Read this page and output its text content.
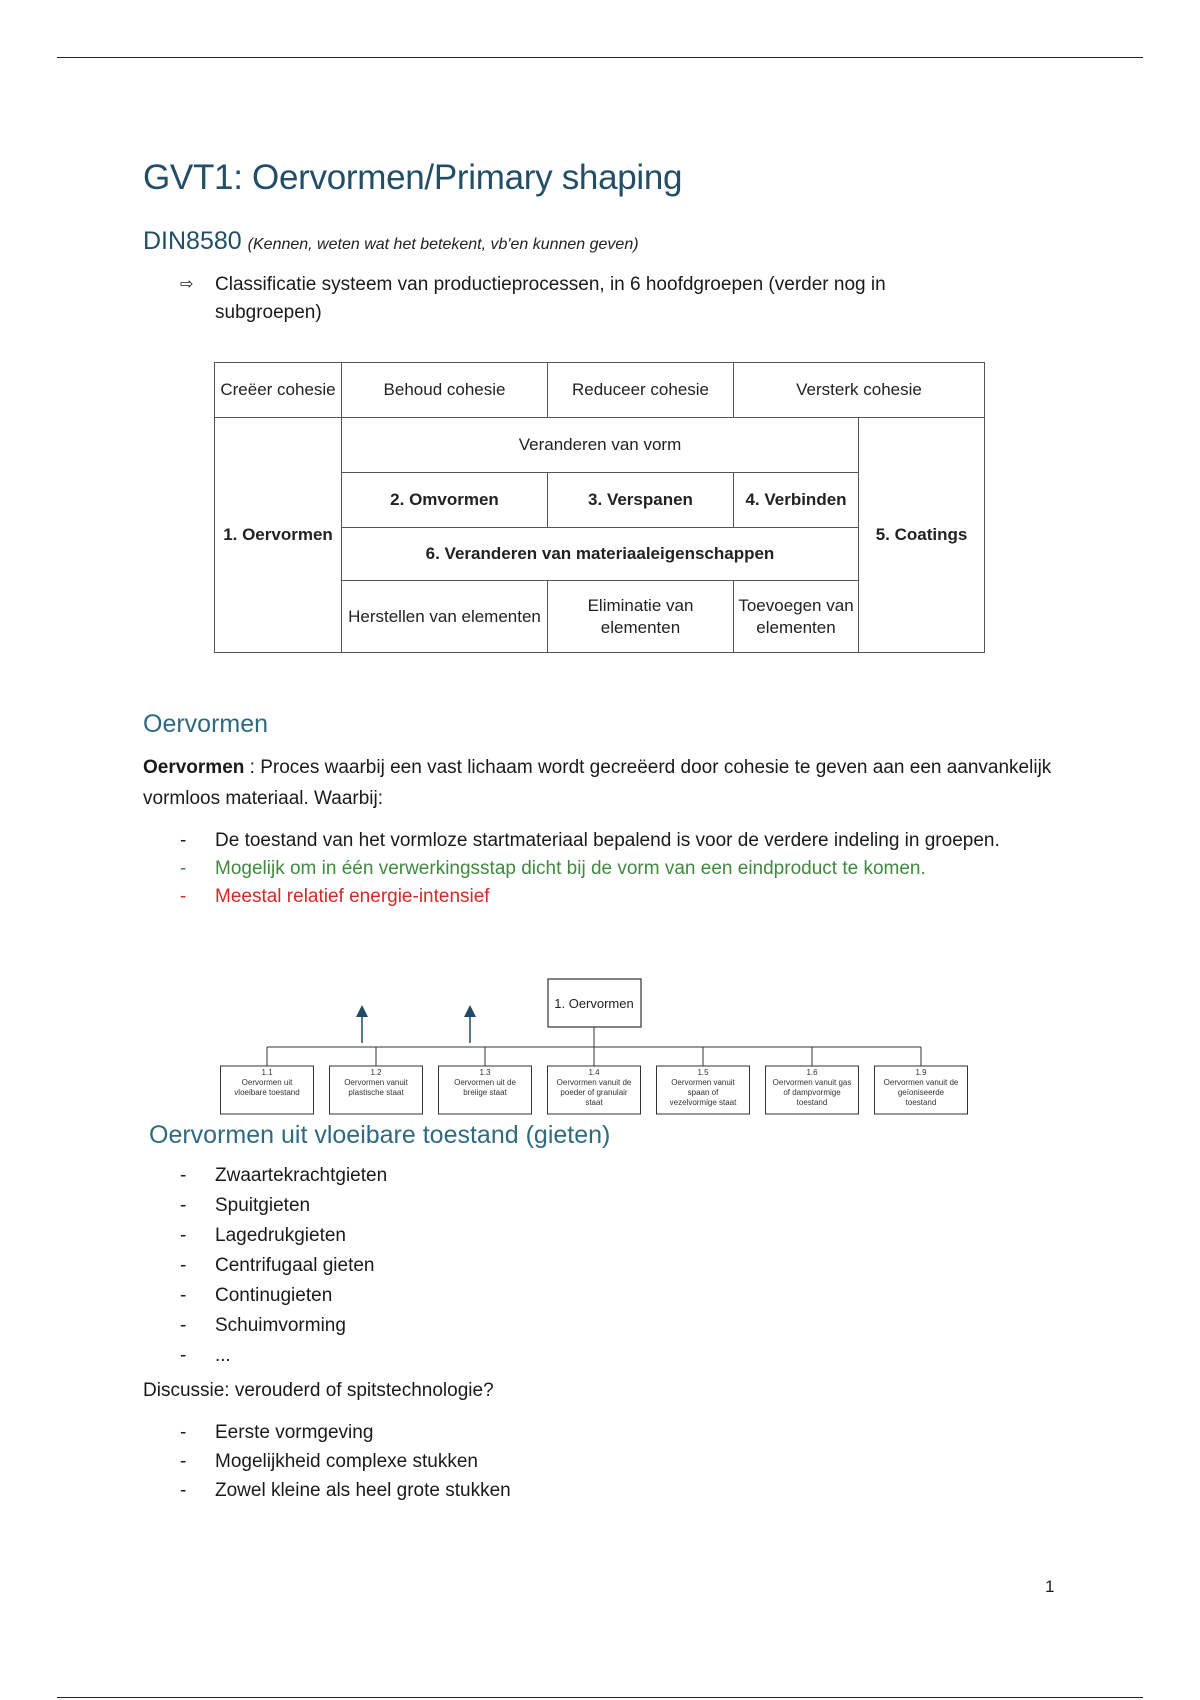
GVT1: Oervormen/Primary shaping
DIN8580 (Kennen, weten wat het betekent, vb'en kunnen geven)
⇨ Classificatie systeem van productieprocessen, in 6 hoofdgroepen (verder nog in subgroepen)
Creëer cohesie	Behoud cohesie	Reduceer cohesie	Versterk cohesie	
1. Oervormen	Veranderen van vorm			5. Coatings
	2. Omvormen	3. Verspanen	4. Verbinden	
	6. Veranderen van materiaaleigenschappen			
	Herstellen van elementen	Eliminatie van elementen	Toevoegen van elementen	
Oervormen
Oervormen : Proces waarbij een vast lichaam wordt gecreëerd door cohesie te geven aan een aanvankelijk vormloos materiaal. Waarbij:
- De toestand van het vormloze startmateriaal bepalend is voor de verdere indeling in groepen.
- Mogelijk om in één verwerkingsstap dicht bij de vorm van een eindproduct te komen.
- Meestal relatief energie-intensief
1. Oervormen
1.1
Oervormen uit
vloeibare toestand
1.2
Oervormen vanuit
plastische staat
1.3
Oervormen uit de
breiige staat
1.4
Oervormen vanuit de
poeder of granulair
staat
1.5
Oervormen vanuit
spaan of
vezelvormige staat
1.6
Oervormen vanuit gas
of dampvormige
toestand
1.9
Oervormen vanuit de
geïoniseerde
toestand
Oervormen uit vloeibare toestand (gieten)
- Zwaartekrachtgieten
- Spuitgieten
- Lagedrukgieten
- Centrifugaal gieten
- Continugieten
- Schuimvorming
- ...
Discussie: verouderd of spitstechnologie?
- Eerste vormgeving
- Mogelijkheid complexe stukken
- Zowel kleine als heel grote stukken
1
